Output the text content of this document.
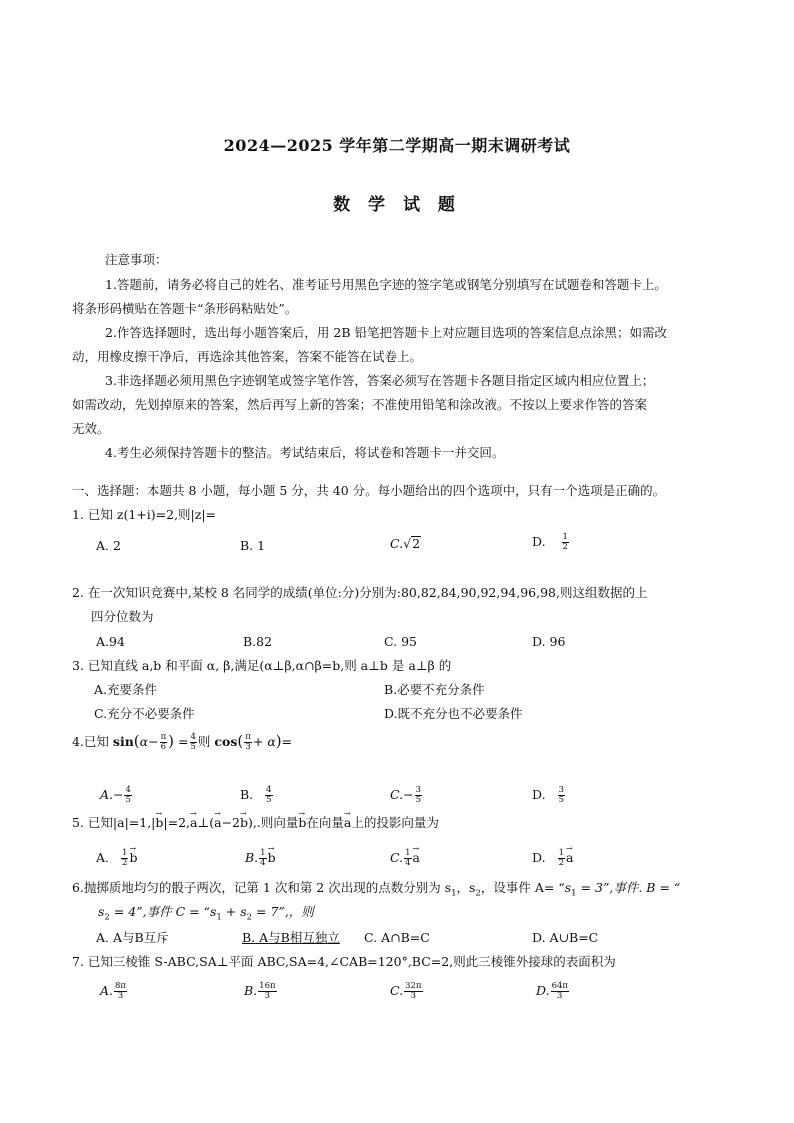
2024—2025 学年第二学期高一期末调研考试
数 学 试 题
注意事项：
1.答题前，请务必将自己的姓名、准考证号用黑色字迹的签字笔或钢笔分别填写在试题卷和答题卡上。
将条形码横贴在答题卡“条形码粘贴处”。
2.作答选择题时，选出每小题答案后，用 2B 铅笔把答题卡上对应题目选项的答案信息点涂黑；如需改
动，用橡皮擦干净后，再选涂其他答案，答案不能答在试卷上。
3.非选择题必须用黑色字迹钢笔或签字笔作答，答案必须写在答题卡各题目指定区域内相应位置上；
如需改动，先划掉原来的答案，然后再写上新的答案；不准使用铅笔和涂改液。不按以上要求作答的答案
无效。
4.考生必须保持答题卡的整洁。考试结束后，将试卷和答题卡一并交回。
一、选择题：本题共 8 小题，每小题 5 分，共 40 分。每小题给出的四个选项中，只有一个选项是正确的。
1. 已知 z(1+i)=2,则|z|=
A. 2	B. 1	C.√2	D. $\frac{1}{2}$
2. 在一次知识竞赛中,某校 8 名同学的成绩(单位:分)分别为:80,82,84,90,92,94,96,98,则这组数据的上
四分位数为
A.94	B.82	C. 95	D. 96
3. 已知直线 a,b 和平面 α, β,满足(α⊥β,α∩β=b,则 a⊥b 是 a⊥β 的
A.充要条件	B.必要不充分条件
C.充分不必要条件	D.既不充分也不必要条件
4.已知 $\sin(\alpha- \frac{\pi}{6}$ ) = $\frac{4}{5}$ 则 $\cos( \frac{\pi}{3} + \alpha)=$
$A.- \frac{4}{5}$	B. $\frac{4}{5}$	$C.- \frac{3}{5}$	D. $\frac{3}{5}$
5. 已知|a|=1,|→ b|=2,→ a⊥(→ a−2→ b),.则向量→ b在向量→ a上的投影向量为
A. $\frac{1}{2}$
→ b	B. $\frac{1}{4}$
→ b	C. $\frac{1}{4}$
→ a	D. $\frac{1}{2}$
→ a
6.抛掷质地均匀的骰子两次，记第 1 次和第 2 次出现的点数分别为 $s_1$，$s_2$，设事件 $A= “s_1 = 3$”,事件. B = “
$s_2 = 4$”,事件 $C = “s_1 + s_2 = 7$”,，则
A. A与B互斥	B. A与B相互独立 C. A∩B=C	D. A∪B=C
7. 已知三棱锥 S-ABC,SA⊥平面 ABC,SA=4,∠CAB=120°,BC=2,则此三棱锥外接球的表面积为
A. $\frac{8\pi}{3}$	B. $\frac{16\pi}{3}$	C. $\frac{32\pi}{3}$	D. $\frac{64\pi}{3}$
